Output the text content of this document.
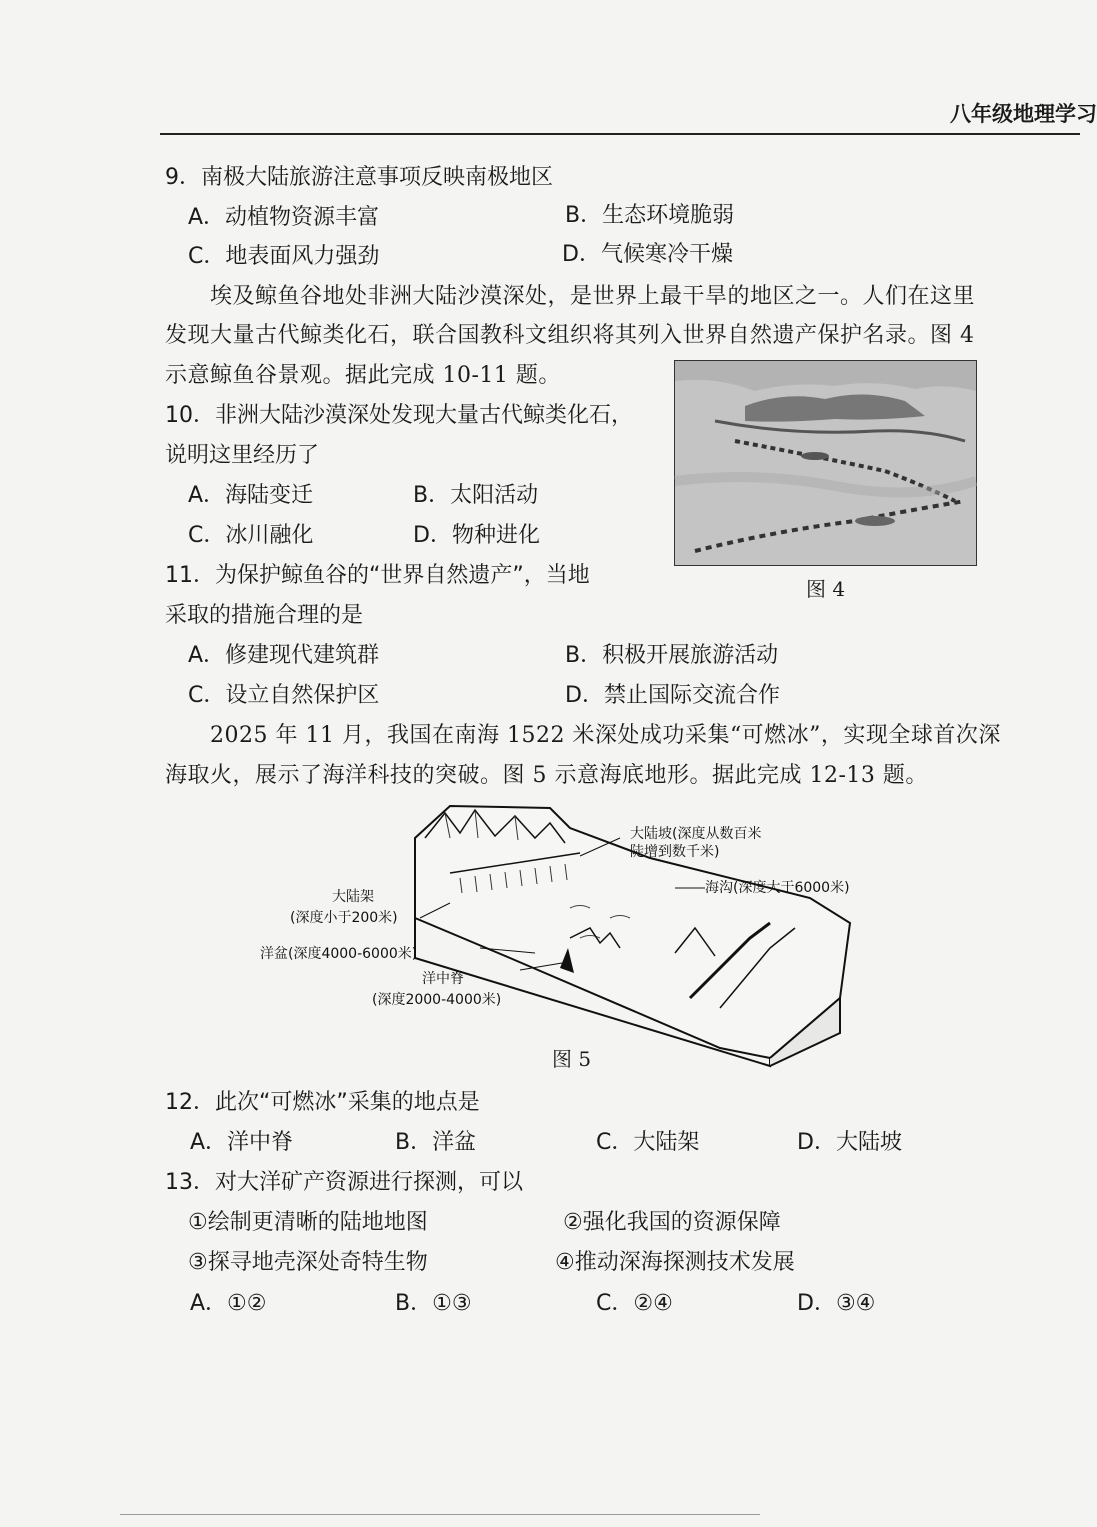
八年级地理学习
9．南极大陆旅游注意事项反映南极地区
A．动植物资源丰富	B．生态环境脆弱
C．地表面风力强劲	D．气候寒冷干燥
埃及鲸鱼谷地处非洲大陆沙漠深处，是世界上最干旱的地区之一。人们在这里
发现大量古代鲸类化石，联合国教科文组织将其列入世界自然遗产保护名录。图 4
示意鲸鱼谷景观。据此完成 10-11 题。
图 4
10．非洲大陆沙漠深处发现大量古代鲸类化石，
说明这里经历了
A．海陆变迁	B．太阳活动
C．冰川融化	D．物种进化
11．为保护鲸鱼谷的“世界自然遗产”，当地
采取的措施合理的是
A．修建现代建筑群	B．积极开展旅游活动
C．设立自然保护区	D．禁止国际交流合作
2025 年 11 月，我国在南海 1522 米深处成功采集“可燃冰”，实现全球首次深
海取火，展示了海洋科技的突破。图 5 示意海底地形。据此完成 12-13 题。
大陆坡(深度从数百米
陡增到数千米)
海沟(深度大于6000米)
大陆架
(深度小于200米)
洋盆(深度4000-6000米)
洋中脊
(深度2000-4000米)
图 5
12．此次“可燃冰”采集的地点是
A．洋中脊	B．洋盆	C．大陆架	D．大陆坡
13．对大洋矿产资源进行探测，可以
①绘制更清晰的陆地地图	②强化我国的资源保障
③探寻地壳深处奇特生物	④推动深海探测技术发展
A．①②	B．①③	C．②④	D．③④
